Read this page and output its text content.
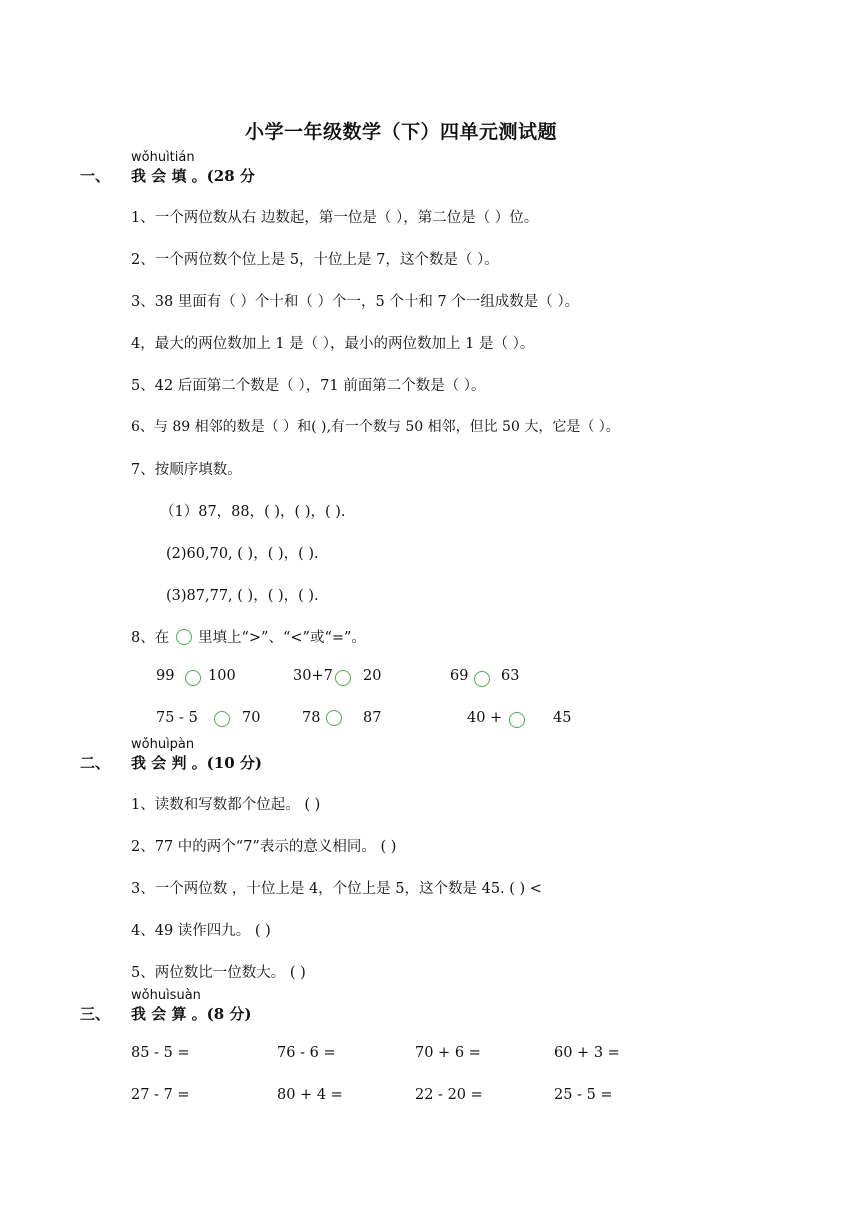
小学一年级数学（下）四单元测试题
一、
wǒhuìtián
我 会 填 。(28 分
1、一个两位数从右 边数起，第一位是（ ），第二位是（ ）位。
2、一个两位数个位上是 5，十位上是 7，这个数是（ ）。
3、38 里面有（ ）个十和（ ）个一，5 个十和 7 个一组成数是（ ）。
4，最大的两位数加上 1 是（ ），最小的两位数加上 1 是（ ）。
5、42 后面第二个数是（ ），71 前面第二个数是（ ）。
6、与 89 相邻的数是（ ）和( ),有一个数与 50 相邻，但比 50 大，它是（ ）。
7、按顺序填数。
（1）87，88，( )，( )，( ).
(2)60,70, ( )，( )，( ).
(3)87,77, ( )，( )，( ).
8、在 里填上“>”、“<”或“=”。
99 100	30+7 20	69 63
75 - 5	70	78	87	40 +	45
二、
wǒhuìpàn
我 会 判 。(10 分)
1、读数和写数都个位起。 ( )
2、77 中的两个“7”表示的意义相同。 ( )
3、一个两位数 ，十位上是 4，个位上是 5，这个数是 45. ( ) <
4、49 读作四九。 ( )
5、两位数比一位数大。 ( )
三、
wǒhuìsuàn
我 会 算 。(8 分)
85 - 5 =	76 - 6 =	70 + 6 =	60 + 3 =
27 - 7 =	80 + 4 =	22 - 20 =	25 - 5 =
